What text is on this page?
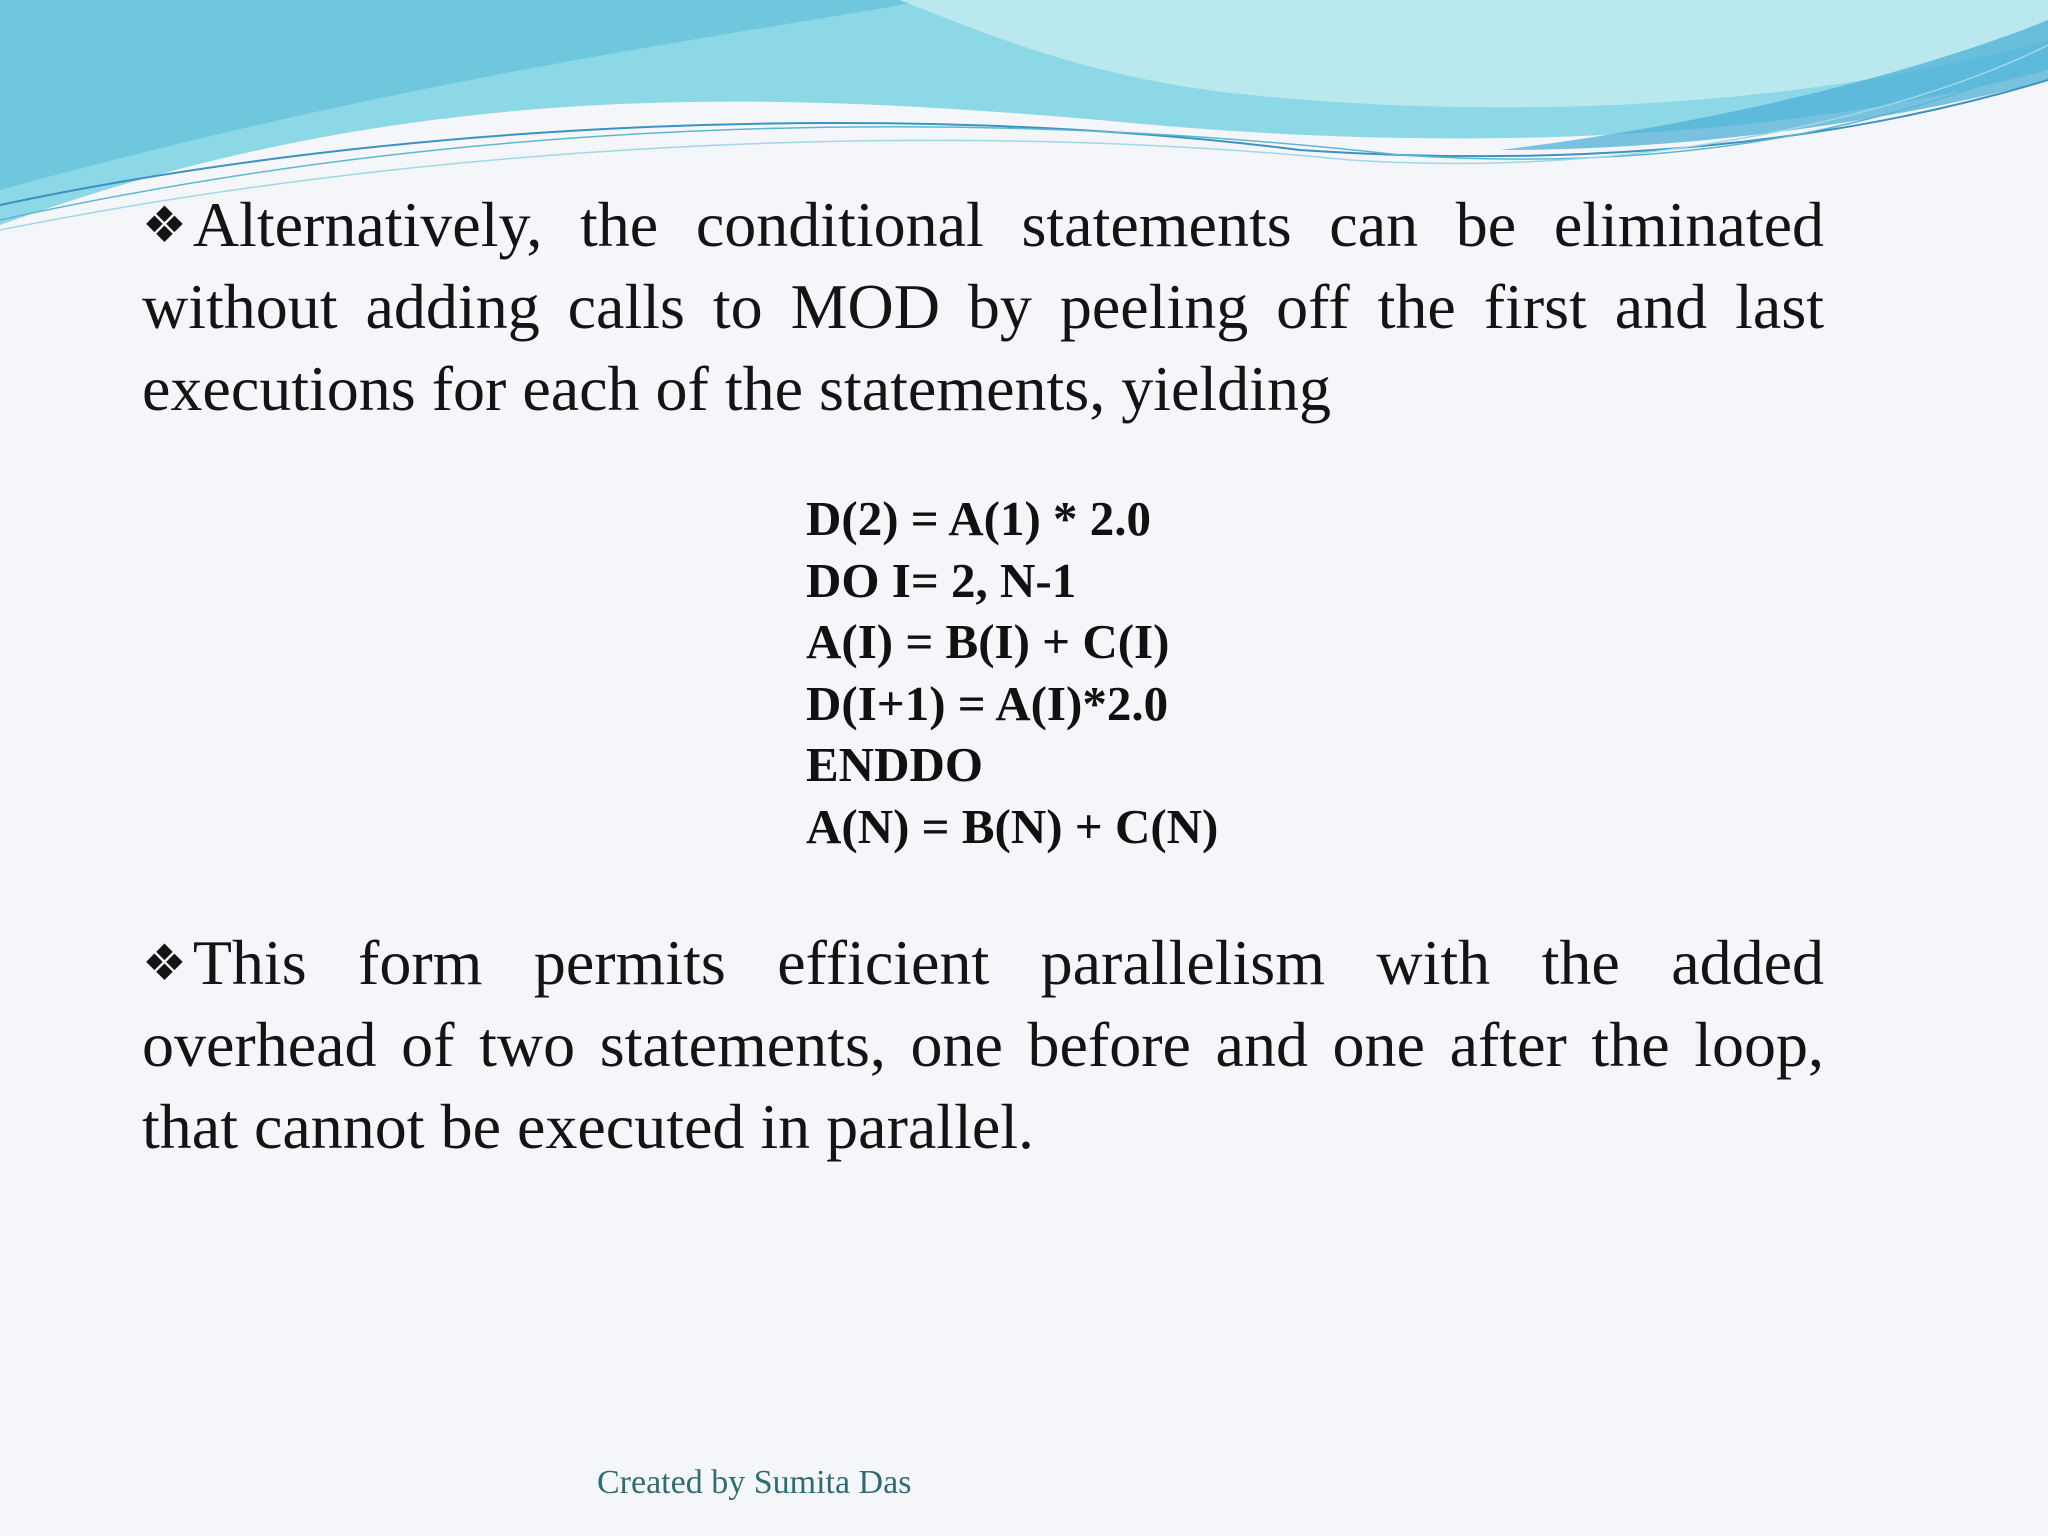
❖Alternatively, the conditional statements can be eliminated without adding calls to MOD by peeling off the first and last executions for each of the statements, yielding
D(2) = A(1) * 2.0
DO I= 2, N-1
A(I) = B(I) + C(I)
D(I+1) = A(I)*2.0
ENDDO
A(N) = B(N) + C(N)
❖This form permits efficient parallelism with the added overhead of two statements, one before and one after the loop, that cannot be executed in parallel.
Created by Sumita Das
